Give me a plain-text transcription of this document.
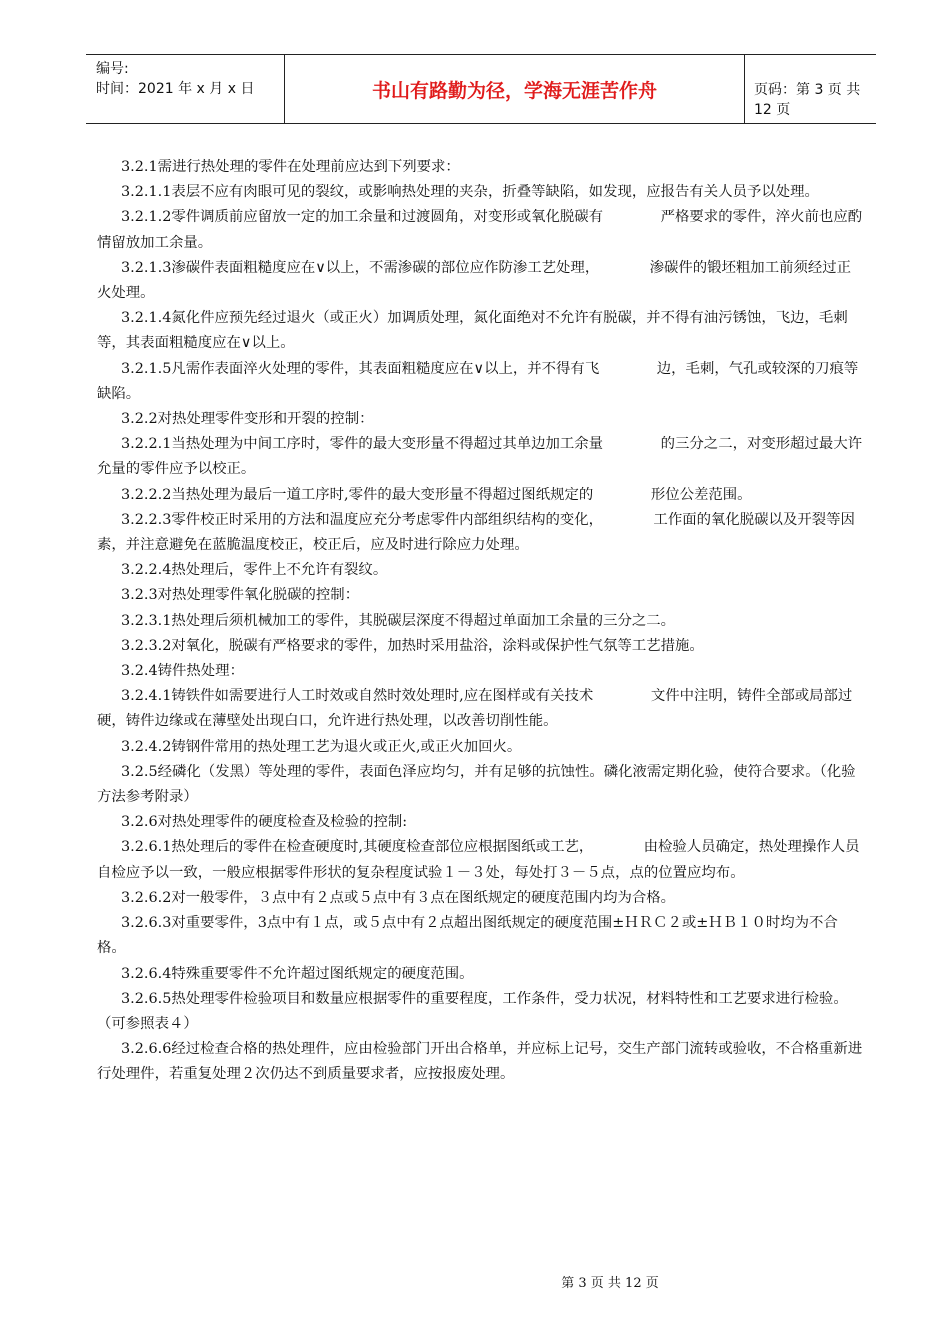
编号:
时间：2021 年 x 月 x 日	书山有路勤为径，学海无涯苦作舟	页码：第 3 页 共 12 页

3.2.1需进行热处理的零件在处理前应达到下列要求：

3.2.1.1表层不应有肉眼可见的裂纹，或影响热处理的夹杂，折叠等缺陷，如发现，应报告有关人员予以处理。

3.2.1.2零件调质前应留放一定的加工余量和过渡圆角，对变形或氧化脱碳有　　　　严格要求的零件，淬火前也应酌情留放加工余量。

3.2.1.3渗碳件表面粗糙度应在∨以上，不需渗碳的部位应作防渗工艺处理，　　　　渗碳件的锻坯粗加工前须经过正火处理。

3.2.1.4氮化件应预先经过退火（或正火）加调质处理，氮化面绝对不允许有脱碳，并不得有油污锈蚀，飞边，毛刺等，其表面粗糙度应在∨以上。

3.2.1.5凡需作表面淬火处理的零件，其表面粗糙度应在∨以上，并不得有飞　　　　边，毛刺，气孔或较深的刀痕等缺陷。

3.2.2对热处理零件变形和开裂的控制：

3.2.2.1当热处理为中间工序时，零件的最大变形量不得超过其单边加工余量　　　　的三分之二，对变形超过最大许允量的零件应予以校正。

3.2.2.2当热处理为最后一道工序时,零件的最大变形量不得超过图纸规定的　　　　形位公差范围。

3.2.2.3零件校正时采用的方法和温度应充分考虑零件内部组织结构的变化，　　　　工作面的氧化脱碳以及开裂等因素，并注意避免在蓝脆温度校正，校正后，应及时进行除应力处理。

3.2.2.4热处理后，零件上不允许有裂纹。

3.2.3对热处理零件氧化脱碳的控制：

3.2.3.1热处理后须机械加工的零件，其脱碳层深度不得超过单面加工余量的三分之二。

3.2.3.2对氧化，脱碳有严格要求的零件，加热时采用盐浴，涂料或保护性气氛等工艺措施。

3.2.4铸件热处理：

3.2.4.1铸铁件如需要进行人工时效或自然时效处理时,应在图样或有关技术　　　　文件中注明，铸件全部或局部过硬，铸件边缘或在薄壁处出现白口，允许进行热处理，以改善切削性能。

3.2.4.2铸钢件常用的热处理工艺为退火或正火,或正火加回火。

3.2.5经磷化（发黑）等处理的零件，表面色泽应均匀，并有足够的抗蚀性。磷化液需定期化验，使符合要求。（化验方法参考附录）

3.2.6对热处理零件的硬度检查及检验的控制:

3.2.6.1热处理后的零件在检查硬度时,其硬度检查部位应根据图纸或工艺，　　　　由检验人员确定，热处理操作人员自检应予以一致，一般应根据零件形状的复杂程度试验１－３处，每处打３－５点，点的位置应均布。

3.2.6.2对一般零件，３点中有２点或５点中有３点在图纸规定的硬度范围内均为合格。

3.2.6.3对重要零件，3点中有１点，或５点中有２点超出图纸规定的硬度范围±ＨＲＣ２或±ＨＢ１０时均为不合格。

3.2.6.4特殊重要零件不允许超过图纸规定的硬度范围。

3.2.6.5热处理零件检验项目和数量应根据零件的重要程度，工作条件，受力状况，材料特性和工艺要求进行检验。（可参照表４）

3.2.6.6经过检查合格的热处理件，应由检验部门开出合格单，并应标上记号，交生产部门流转或验收，不合格重新进行处理件，若重复处理２次仍达不到质量要求者，应按报废处理。

第 3 页 共 12 页
